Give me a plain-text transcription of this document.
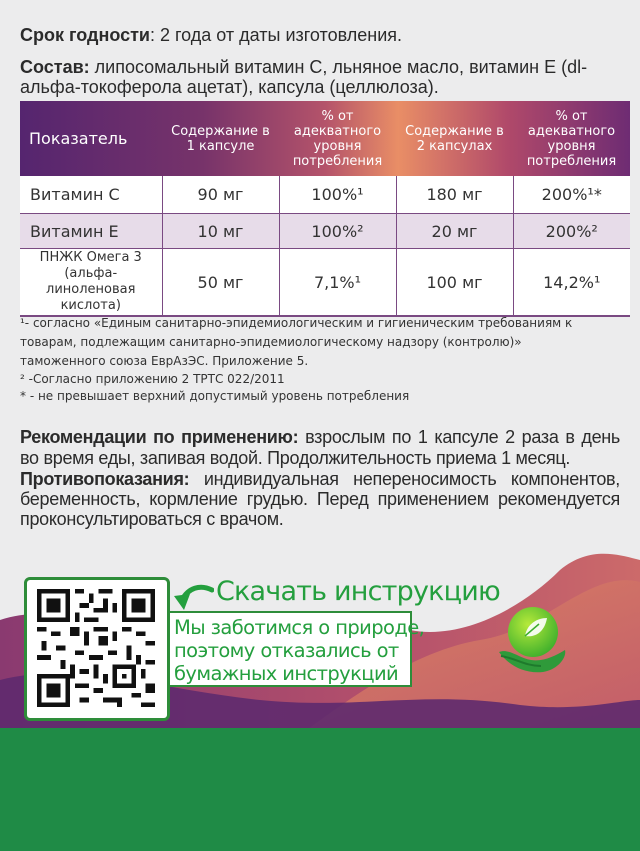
Срок годности: 2 года от даты изготовления.

Состав: липосомальный витамин С, льняное масло, витамин Е (dl-альфа-токоферола ацетат), капсула (целлюлоза).

Показатель	Содержание в 1 капсуле	% от адекватного уровня потребления	Содержание в 2 капсулах	% от адекватного уровня потребления
Витамин С	90 мг	100%¹	180 мг	200%¹*
Витамин Е	10 мг	100%²	20 мг	200%²
ПНЖК Омега 3 (альфа-линоленовая кислота)	50 мг	7,1%¹	100 мг	14,2%¹
¹- согласно «Единым санитарно-эпидемиологическим и гигиеническим требованиям к товарам, подлежащим санитарно-эпидемиологическому надзору (контролю)» таможенного союза ЕврАзЭС. Приложение 5.
² -Согласно приложению 2 ТРТС 022/2011
* - не превышает верхний допустимый уровень потребления

Рекомендации по применению: взрослым по 1 капсуле 2 раза в день во время еды, запивая водой. Продолжительность приема 1 месяц.

Противопоказания: индивидуальная непереносимость компонентов, беременность, кормление грудью. Перед применением рекомендуется проконсультироваться с врачом.

Скачать инструкцию
Мы заботимся о природе,
поэтому отказались от
бумажных инструкций
